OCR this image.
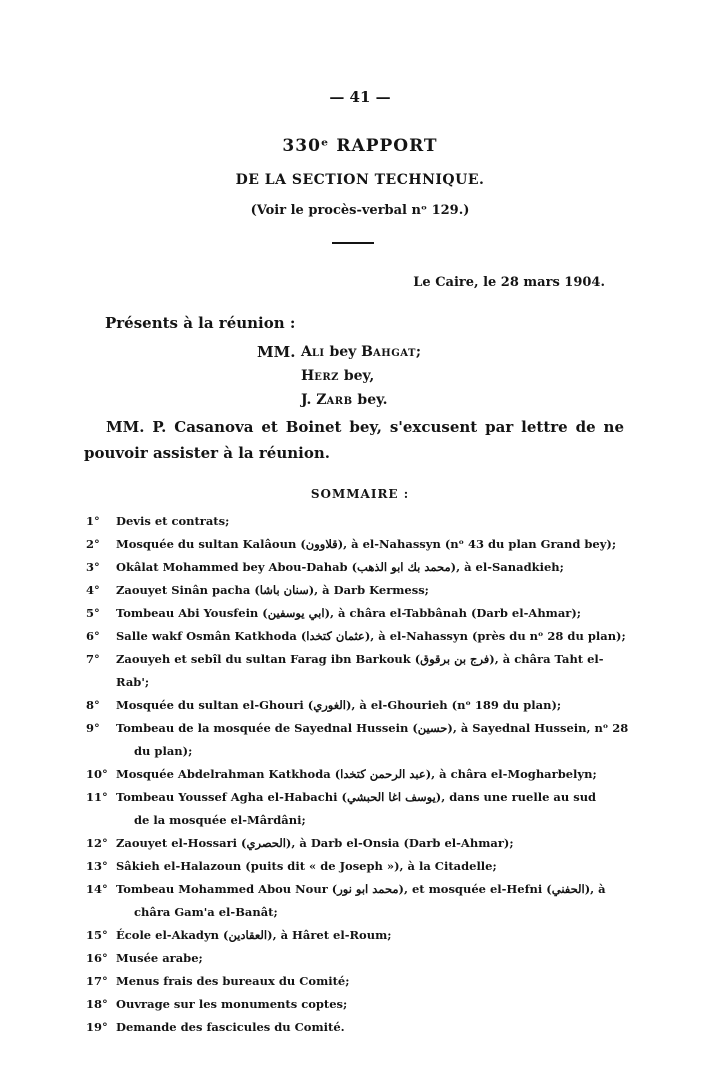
— 41 —
330ᵉ RAPPORT
DE LA SECTION TECHNIQUE.
(Voir le procès-verbal nᵒ 129.)
Le Caire, le 28 mars 1904.
Présents à la réunion :
MM. ALI bey BAHGAT;
HERZ bey,
J. ZARB bey.
MM. P. Casanova et Boinet bey, s'excusent par lettre de ne pouvoir assister à la réunion.
SOMMAIRE :
1°	Devis et contrats;
2°	Mosquée du sultan Kalâoun (قلاوون), à el-Nahassyn (nᵒ 43 du plan Grand bey);
3°	Okâlat Mohammed bey Abou-Dahab (محمد بك ابو الذهب), à el-Sanadkieh;
4°	Zaouyet Sinân pacha (سنان باشا), à Darb Kermess;
5°	Tombeau Abi Yousfein (ابي يوسفين), à châra el-Tabbânah (Darb el-Ahmar);
6°	Salle wakf Osmân Katkhoda (عثمان كتخدا), à el-Nahassyn (près du nᵒ 28 du plan);
7°	Zaouyeh et sebîl du sultan Farag ibn Barkouk (فرج بن برقوق), à châra Taht el-Rab';
8°	Mosquée du sultan el-Ghouri (الغوري), à el-Ghourieh (nᵒ 189 du plan);
9°	Tombeau de la mosquée de Sayednal Hussein (حسين), à Sayednal Hussein, nᵒ 28
du plan);
10° Mosquée Abdelrahman Katkhoda (عبد الرحمن كتخدا), à châra el-Mogharbelyn;
11° Tombeau Youssef Agha el-Habachi (يوسف اغا الحبشي), dans une ruelle au sud
de la mosquée el-Mârdâni;
12° Zaouyet el-Hossari (الحصري), à Darb el-Onsia (Darb el-Ahmar);
13° Sâkieh el-Halazoun (puits dit « de Joseph »), à la Citadelle;
14° Tombeau Mohammed Abou Nour (محمد ابو نور), et mosquée el-Hefni (الحفني), à
châra Gam'a el-Banât;
15° École el-Akadyn (العقادين), à Hâret el-Roum;
16° Musée arabe;
17° Menus frais des bureaux du Comité;
18° Ouvrage sur les monuments coptes;
19° Demande des fascicules du Comité.
